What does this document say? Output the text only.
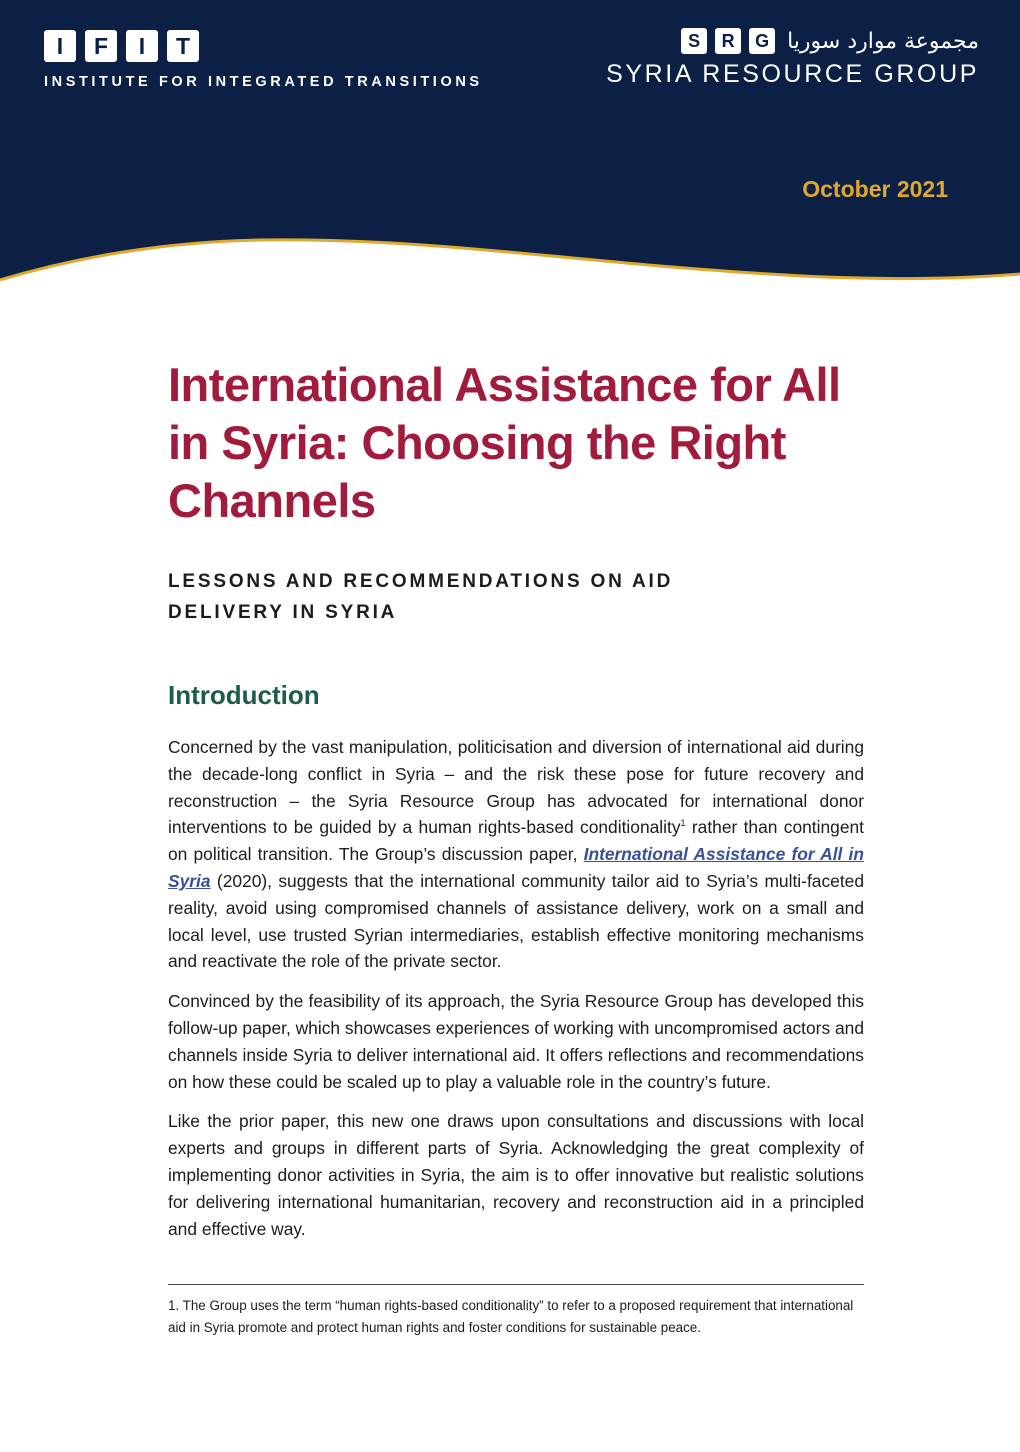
I	F	I	T
INSTITUTE FOR INTEGRATED TRANSITIONS
S	R	G مجموعة موارد سوريا
SYRIA RESOURCE GROUP
October 2021
International Assistance for All in Syria: Choosing the Right Channels
LESSONS AND RECOMMENDATIONS ON AID DELIVERY IN SYRIA
Introduction

Concerned by the vast manipulation, politicisation and diversion of international aid during the decade-long conflict in Syria – and the risk these pose for future recovery and reconstruction – the Syria Resource Group has advocated for international donor interventions to be guided by a human rights-based conditionality$^1$ rather than contingent on political transition. The Group’s discussion paper, International Assistance for All in Syria (2020), suggests that the international community tailor aid to Syria’s multi-faceted reality, avoid using compromised channels of assistance delivery, work on a small and local level, use trusted Syrian intermediaries, establish effective monitoring mechanisms and reactivate the role of the private sector.

Convinced by the feasibility of its approach, the Syria Resource Group has developed this follow-up paper, which showcases experiences of working with uncompromised actors and channels inside Syria to deliver international aid. It offers reflections and recommendations on how these could be scaled up to play a valuable role in the country’s future.

Like the prior paper, this new one draws upon consultations and discussions with local experts and groups in different parts of Syria. Acknowledging the great complexity of implementing donor activities in Syria, the aim is to offer innovative but realistic solutions for delivering international humanitarian, recovery and reconstruction aid in a principled and effective way.

1. The Group uses the term “human rights-based conditionality” to refer to a proposed requirement that international aid in Syria promote and protect human rights and foster conditions for sustainable peace.
